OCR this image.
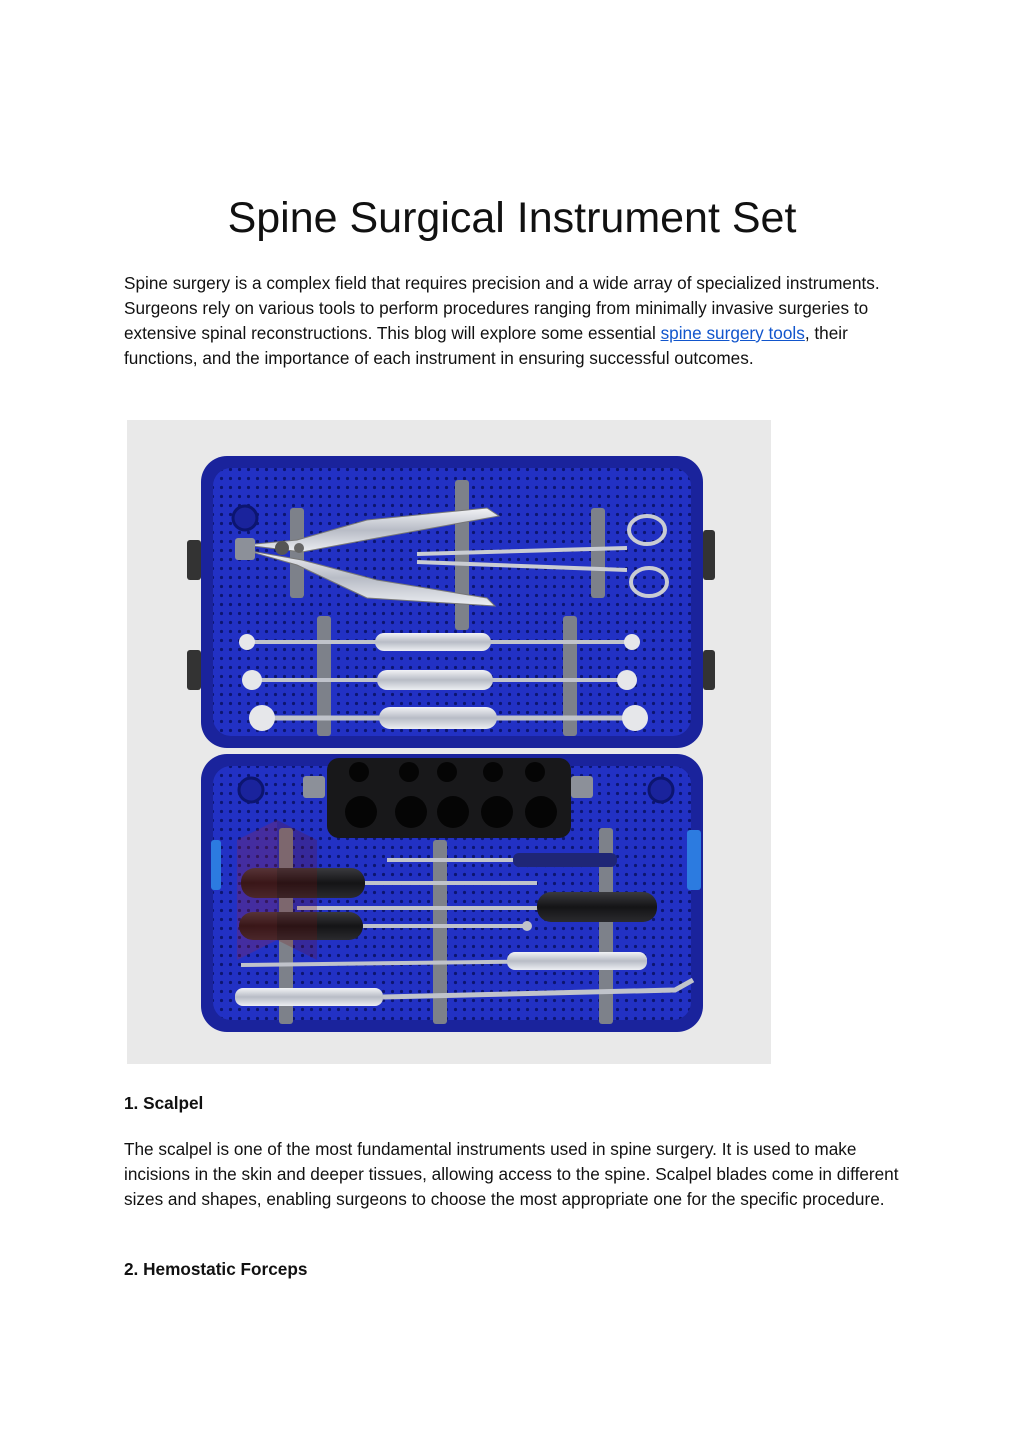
Spine Surgical Instrument Set

Spine surgery is a complex field that requires precision and a wide array of specialized instruments. Surgeons rely on various tools to perform procedures ranging from minimally invasive surgeries to extensive spinal reconstructions. This blog will explore some essential spine surgery tools, their functions, and the importance of each instrument in ensuring successful outcomes.

1. Scalpel

The scalpel is one of the most fundamental instruments used in spine surgery. It is used to make incisions in the skin and deeper tissues, allowing access to the spine. Scalpel blades come in different sizes and shapes, enabling surgeons to choose the most appropriate one for the specific procedure.

2. Hemostatic Forceps
